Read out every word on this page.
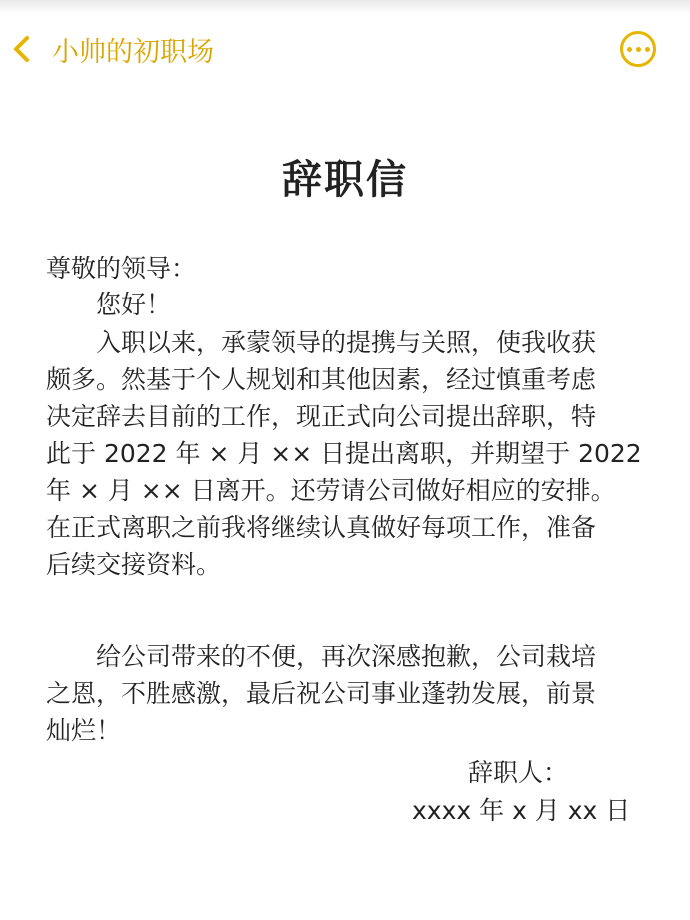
小帅的初职场
辞职信
尊敬的领导：
您好！
入职以来，承蒙领导的提携与关照，使我收获
颇多。然基于个人规划和其他因素，经过慎重考虑
决定辞去目前的工作，现正式向公司提出辞职，特
此于 2022 年 × 月 ×× 日提出离职，并期望于 2022
年 × 月 ×× 日离开。还劳请公司做好相应的安排。
在正式离职之前我将继续认真做好每项工作，准备
后续交接资料。
给公司带来的不便，再次深感抱歉，公司栽培
之恩，不胜感激，最后祝公司事业蓬勃发展，前景
灿烂！
辞职人：
xxxx 年 x 月 xx 日
